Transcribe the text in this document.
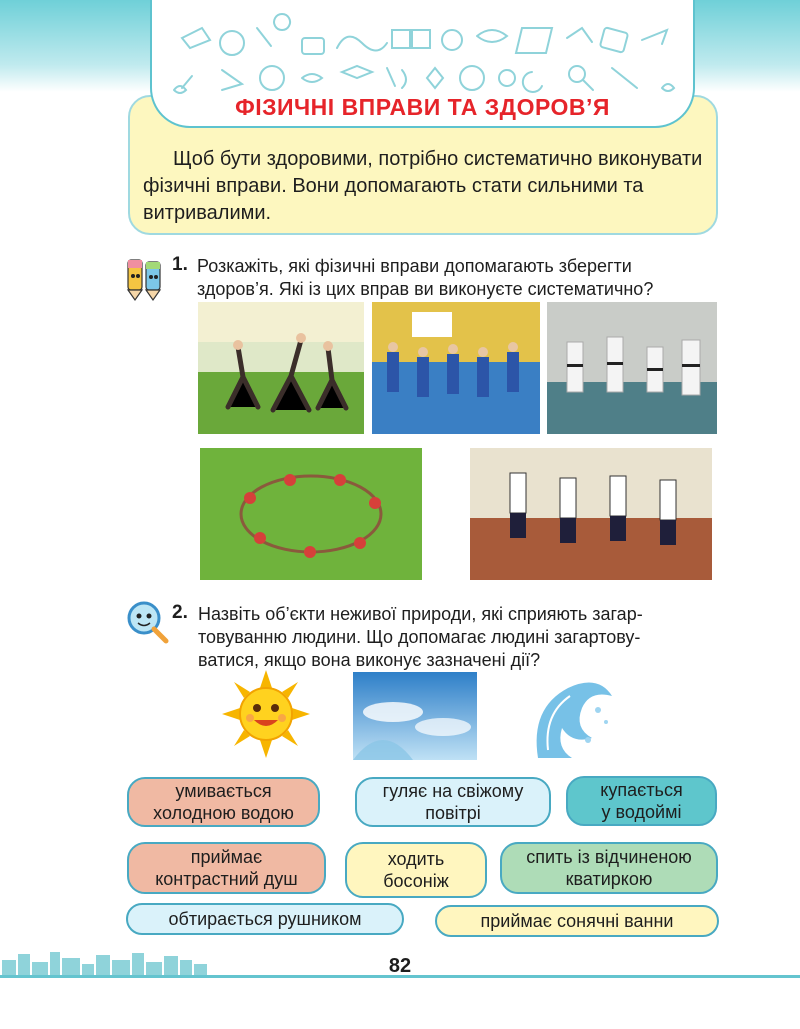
ФІЗИЧНІ ВПРАВИ ТА ЗДОРОВ’Я
Щоб бути здоровими, потрібно систематично виконувати фізичні вправи. Вони допомагають стати сильними та витривалими.
1. Розкажіть, які фізичні вправи допомагають зберегти
здоров’я. Які із цих вправ ви виконуєте систематично?
2. Назвіть об’єкти неживої природи, які сприяють загар-
товуванню людини. Що допомагає людині загартову-
ватися, якщо вона виконує зазначені дії?
умивається
холодною водою
гуляє на свіжому
повітрі
купається
у водоймі
приймає
контрастний душ
ходить
босоніж
спить із відчиненою
кватиркою
обтирається рушником	приймає сонячні ванни
82
